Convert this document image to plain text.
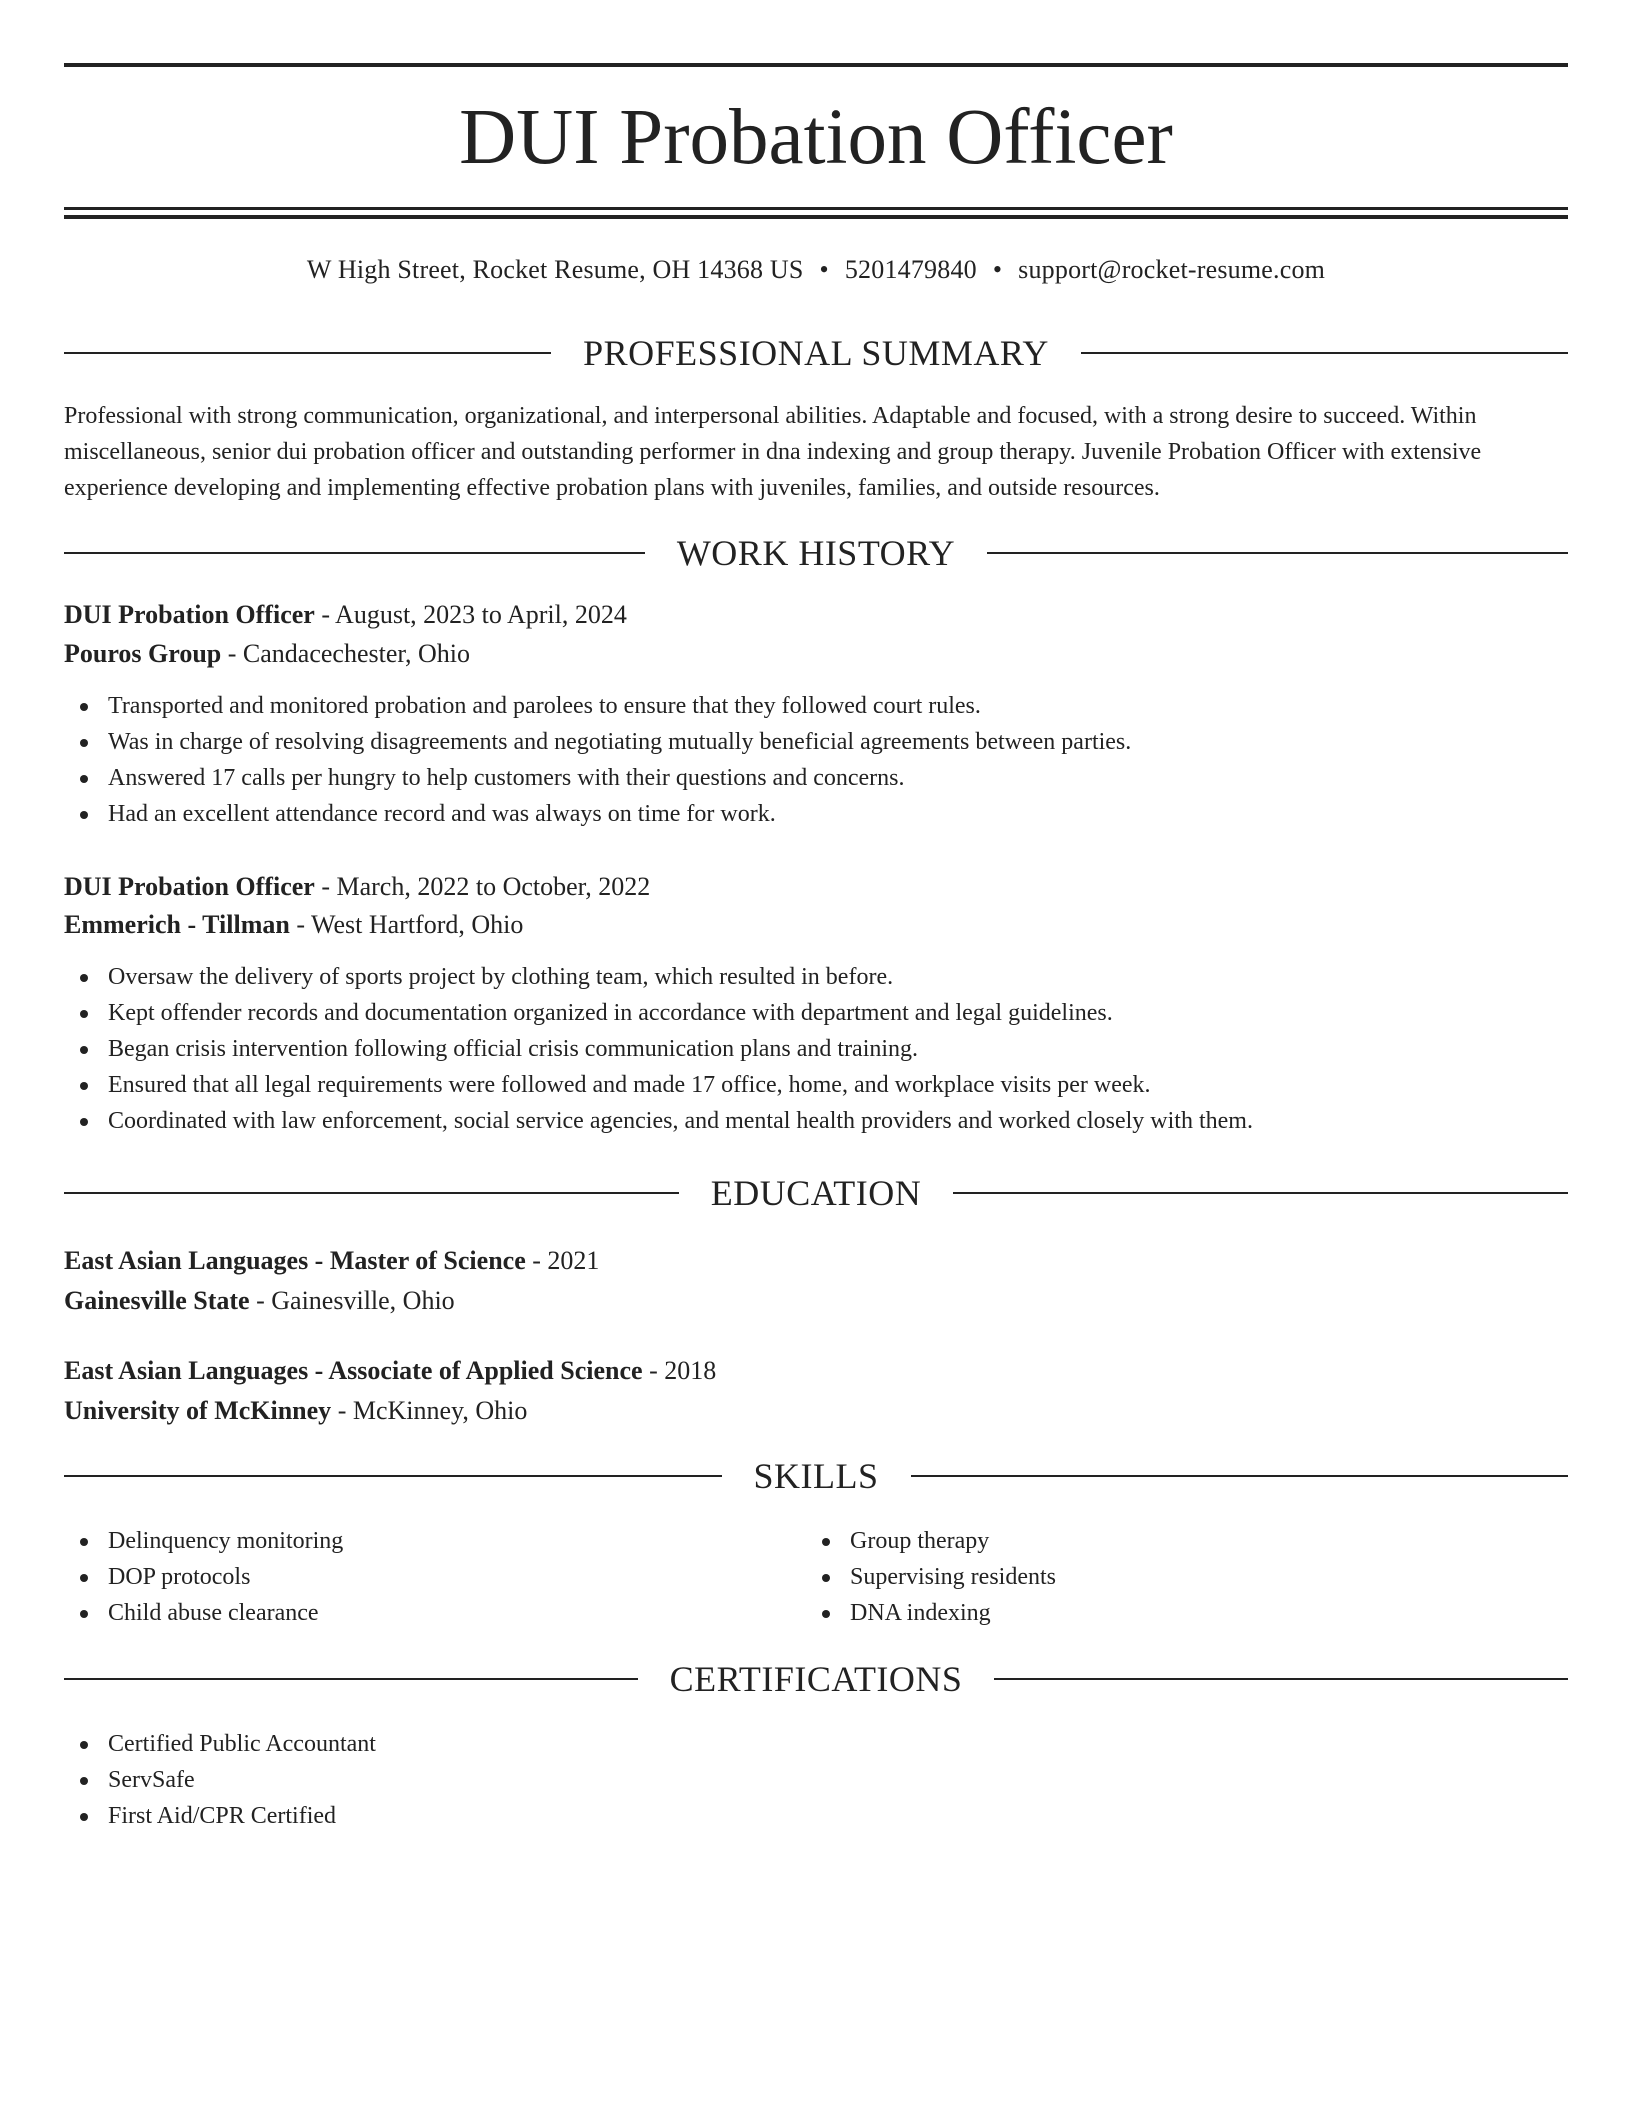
DUI Probation Officer
W High Street, Rocket Resume, OH 14368 US • 5201479840 • support@rocket-resume.com
PROFESSIONAL SUMMARY

Professional with strong communication, organizational, and interpersonal abilities. Adaptable and focused, with a strong desire to succeed. Within miscellaneous, senior dui probation officer and outstanding performer in dna indexing and group therapy. Juvenile Probation Officer with extensive experience developing and implementing effective probation plans with juveniles, families, and outside resources.

WORK HISTORY
DUI Probation Officer - August, 2023 to April, 2024
Pouros Group - Candacechester, Ohio
Transported and monitored probation and parolees to ensure that they followed court rules.
Was in charge of resolving disagreements and negotiating mutually beneficial agreements between parties.
Answered 17 calls per hungry to help customers with their questions and concerns.
Had an excellent attendance record and was always on time for work.
DUI Probation Officer - March, 2022 to October, 2022
Emmerich - Tillman - West Hartford, Ohio
Oversaw the delivery of sports project by clothing team, which resulted in before.
Kept offender records and documentation organized in accordance with department and legal guidelines.
Began crisis intervention following official crisis communication plans and training.
Ensured that all legal requirements were followed and made 17 office, home, and workplace visits per week.
Coordinated with law enforcement, social service agencies, and mental health providers and worked closely with them.
EDUCATION
East Asian Languages - Master of Science - 2021
Gainesville State - Gainesville, Ohio
East Asian Languages - Associate of Applied Science - 2018
University of McKinney - McKinney, Ohio
SKILLS
Delinquency monitoring
DOP protocols
Child abuse clearance
Group therapy
Supervising residents
DNA indexing
CERTIFICATIONS
Certified Public Accountant
ServSafe
First Aid/CPR Certified
